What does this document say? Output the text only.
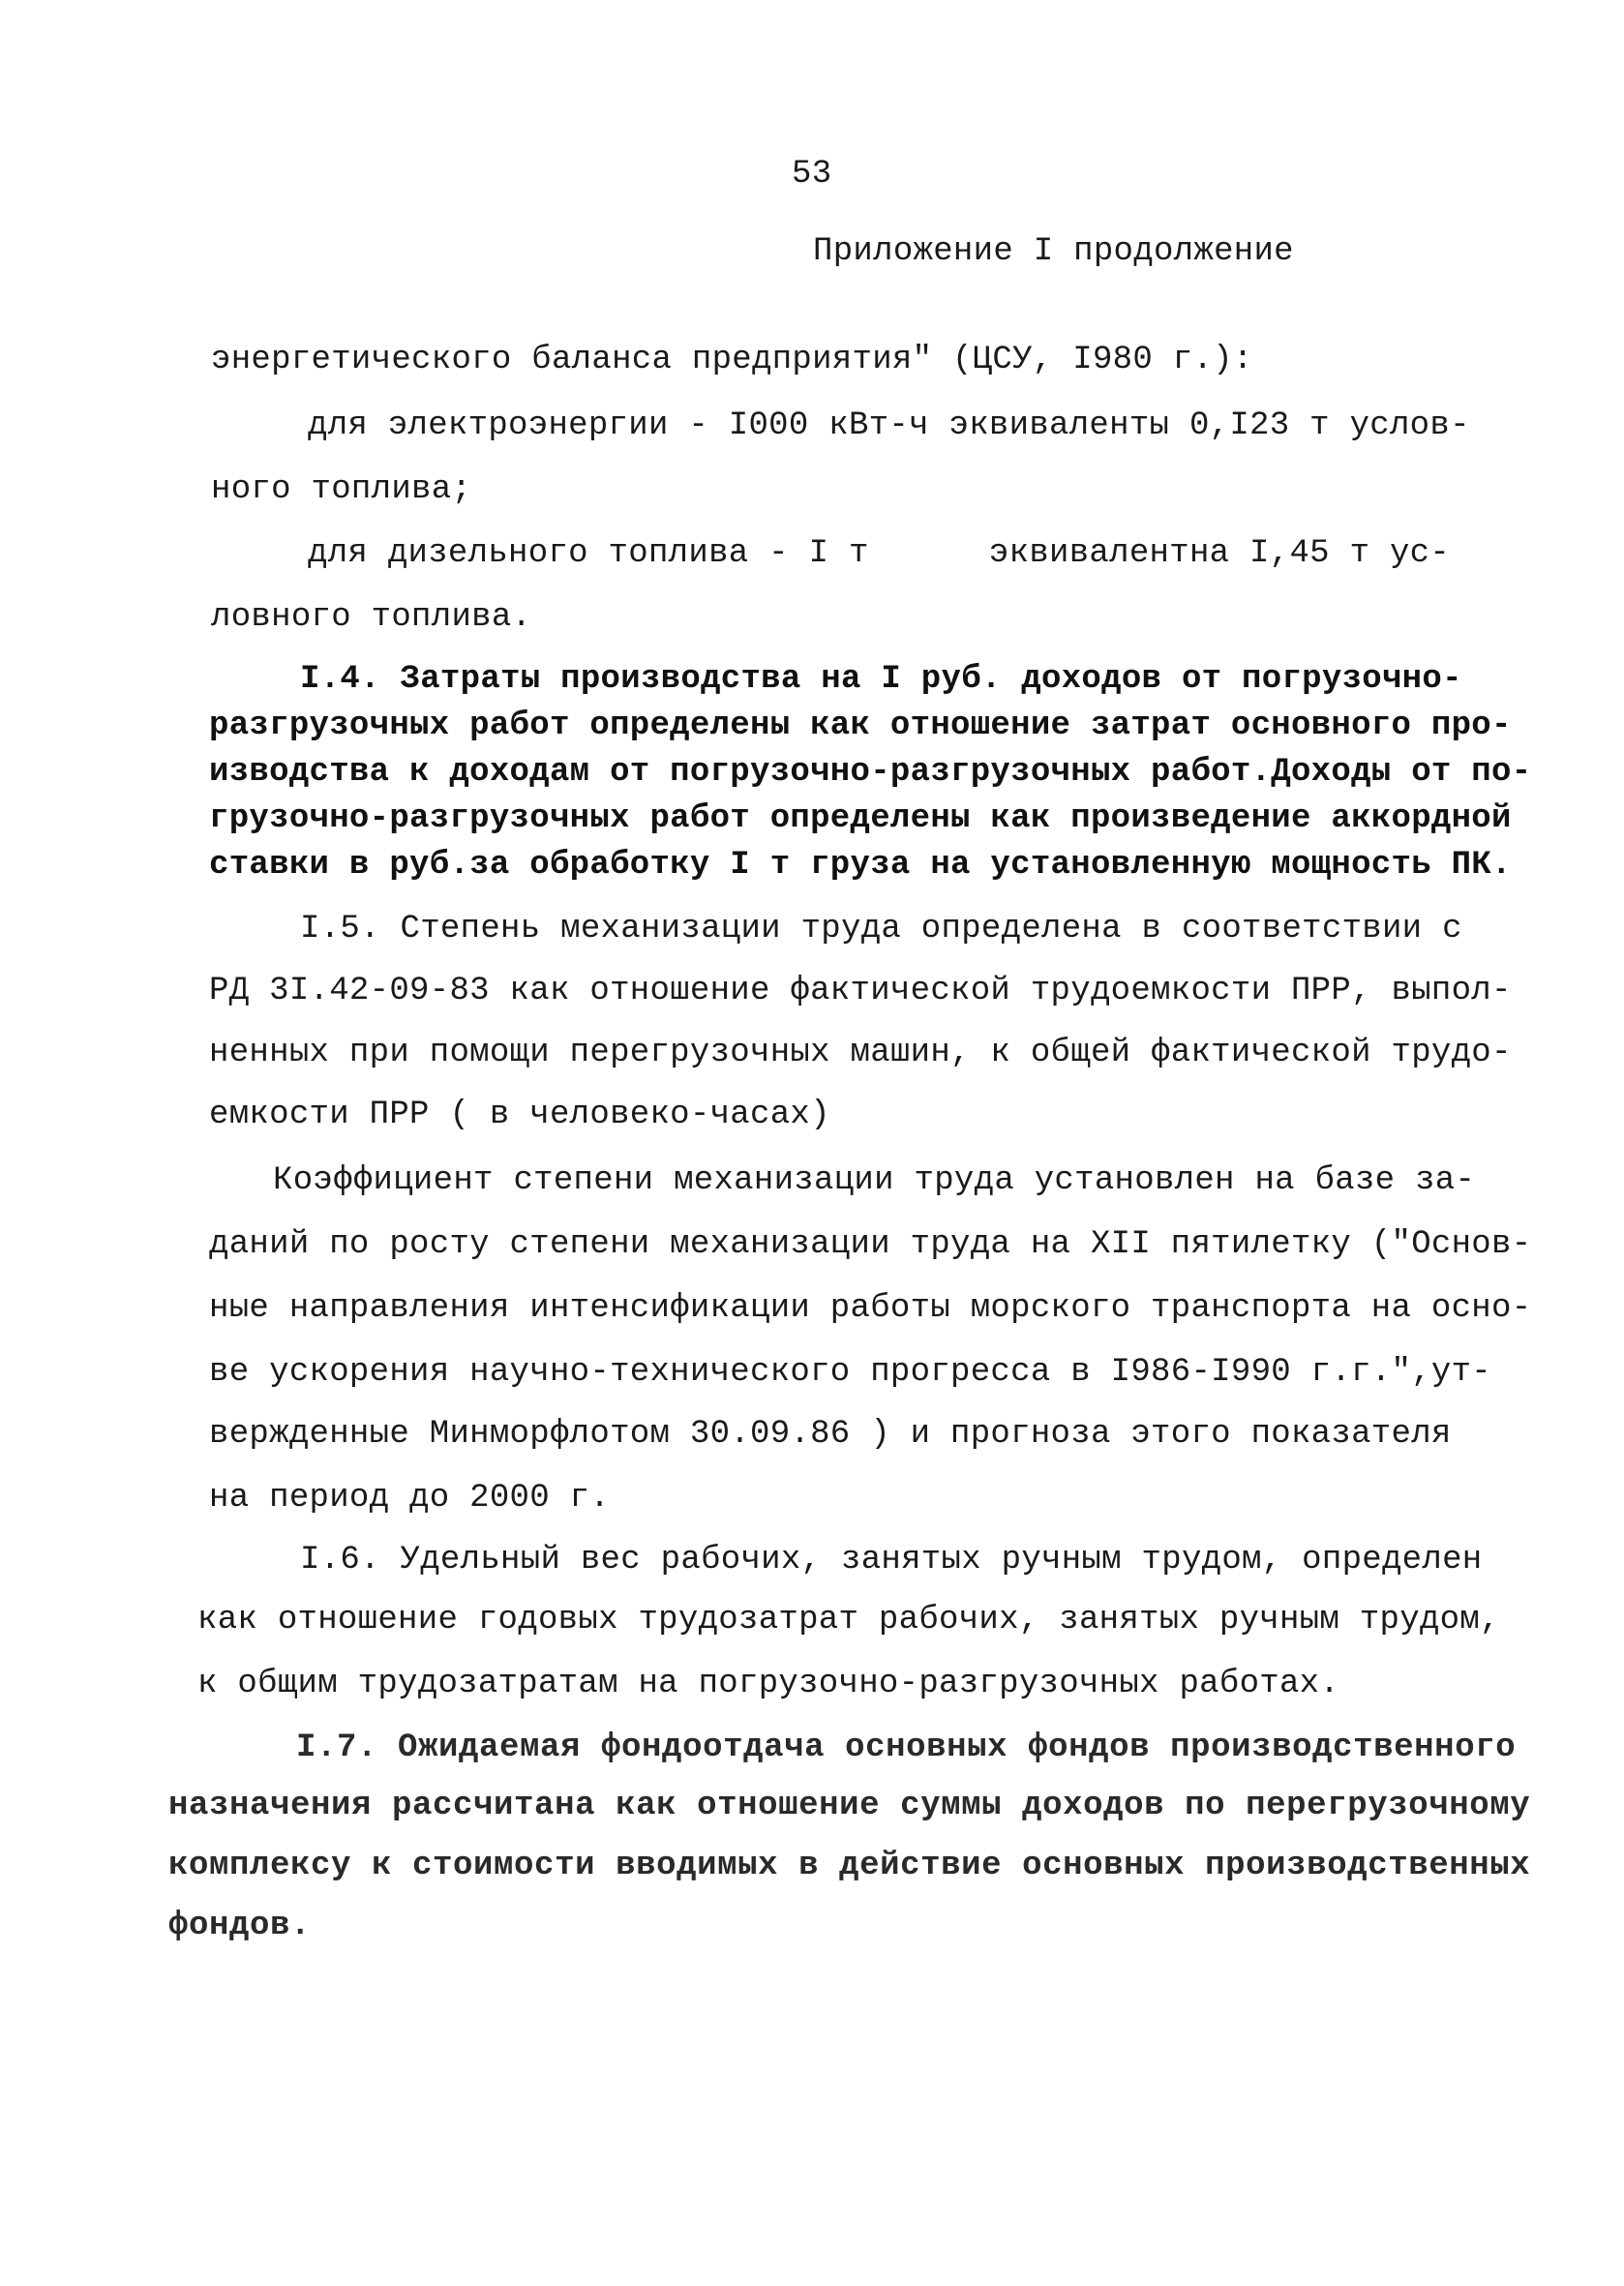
53
Приложение I продолжение
энергетического баланса предприятия" (ЦСУ, I980 г.):
для электроэнергии - I000 кВт-ч эквиваленты 0,I23 т услов-
ного топлива;
для дизельного топлива - I т      эквивалентна I,45 т ус-
ловного топлива.
I.4. Затраты производства на I руб. доходов от погрузочно-
разгрузочных работ определены как отношение затрат основного про-
изводства к доходам от погрузочно-разгрузочных работ.Доходы от по-
грузочно-разгрузочных работ определены как произведение аккордной
ставки в руб.за обработку I т груза на установленную мощность ПК.
I.5. Степень механизации труда определена в соответствии с
РД 3I.42-09-83 как отношение фактической трудоемкости ПРР, выпол-
ненных при помощи перегрузочных машин, к общей фактической трудо-
емкости ПРР ( в человеко-часах)
Коэффициент степени механизации труда установлен на базе за-
даний по росту степени механизации труда на XII пятилетку ("Основ-
ные направления интенсификации работы морского транспорта на осно-
ве ускорения научно-технического прогресса в I986-I990 г.г.",ут-
вержденные Минморфлотом 30.09.86 ) и прогноза этого показателя
на период до 2000 г.
I.6. Удельный вес рабочих, занятых ручным трудом, определен
как отношение годовых трудозатрат рабочих, занятых ручным трудом,
к общим трудозатратам на погрузочно-разгрузочных работах.
I.7. Ожидаемая фондоотдача основных фондов производственного
назначения рассчитана как отношение суммы доходов по перегрузочному
комплексу к стоимости вводимых в действие основных производственных
фондов.
